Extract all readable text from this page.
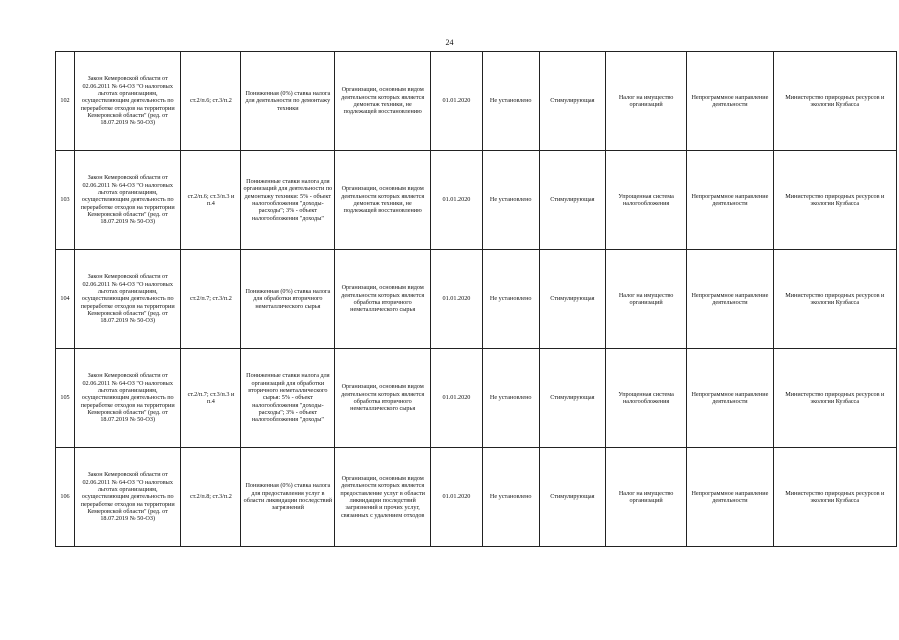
24
102	Закон Кемеровской области от 02.06.2011 № 64-ОЗ "О налоговых льготах организациям, осуществляющим деятельность по переработке отходов на территории Кемеровской области" (ред. от 18.07.2019 № 50-ОЗ)	ст.2/п.6; ст.3/п.2	Пониженная (0%) ставка налога для деятельности по демонтажу техники	Организации, основным видом деятельности которых является демонтаж техники, не подлежащей восстановлению	01.01.2020	Не установлено	Стимулирующая	Налог на имущество организаций	Непрограммное направление деятельности	Министерство природных ресурсов и экологии Кузбасса
103	Закон Кемеровской области от 02.06.2011 № 64-ОЗ "О налоговых льготах организациям, осуществляющим деятельность по переработке отходов на территории Кемеровской области" (ред. от 18.07.2019 № 50-ОЗ)	ст.2/п.6; ст.3/п.3 и п.4	Пониженные ставки налога для организаций для деятельности по демонтажу техники: 5% - объект налогообложения "доходы-расходы"; 3% - объект налогообложения "доходы"	Организации, основным видом деятельности которых является демонтаж техники, не подлежащей восстановлению	01.01.2020	Не установлено	Стимулирующая	Упрощенная система налогообложения	Непрограммное направление деятельности	Министерство природных ресурсов и экологии Кузбасса
104	Закон Кемеровской области от 02.06.2011 № 64-ОЗ "О налоговых льготах организациям, осуществляющим деятельность по переработке отходов на территории Кемеровской области" (ред. от 18.07.2019 № 50-ОЗ)	ст.2/п.7; ст.3/п.2	Пониженная (0%) ставка налога для обработки вторичного неметаллического сырья	Организации, основным видом деятельности которых является обработка вторичного неметаллического сырья	01.01.2020	Не установлено	Стимулирующая	Налог на имущество организаций	Непрограммное направление деятельности	Министерство природных ресурсов и экологии Кузбасса
105	Закон Кемеровской области от 02.06.2011 № 64-ОЗ "О налоговых льготах организациям, осуществляющим деятельность по переработке отходов на территории Кемеровской области" (ред. от 18.07.2019 № 50-ОЗ)	ст.2/п.7; ст.3/п.3 и п.4	Пониженные ставки налога для организаций для обработки вторичного неметаллического сырья: 5% - объект налогообложения "доходы-расходы"; 3% - объект налогообложения "доходы"	Организации, основным видом деятельности которых является обработка вторичного неметаллического сырья	01.01.2020	Не установлено	Стимулирующая	Упрощенная система налогообложения	Непрограммное направление деятельности	Министерство природных ресурсов и экологии Кузбасса
106	Закон Кемеровской области от 02.06.2011 № 64-ОЗ "О налоговых льготах организациям, осуществляющим деятельность по переработке отходов на территории Кемеровской области" (ред. от 18.07.2019 № 50-ОЗ)	ст.2/п.8; ст.3/п.2	Пониженная (0%) ставка налога для предоставления услуг в области ликвидации последствий загрязнений	Организации, основным видом деятельности которых является предоставление услуг в области ликвидации последствий загрязнений и прочих услуг, связанных с удалением отходов	01.01.2020	Не установлено	Стимулирующая	Налог на имущество организаций	Непрограммное направление деятельности	Министерство природных ресурсов и экологии Кузбасса
